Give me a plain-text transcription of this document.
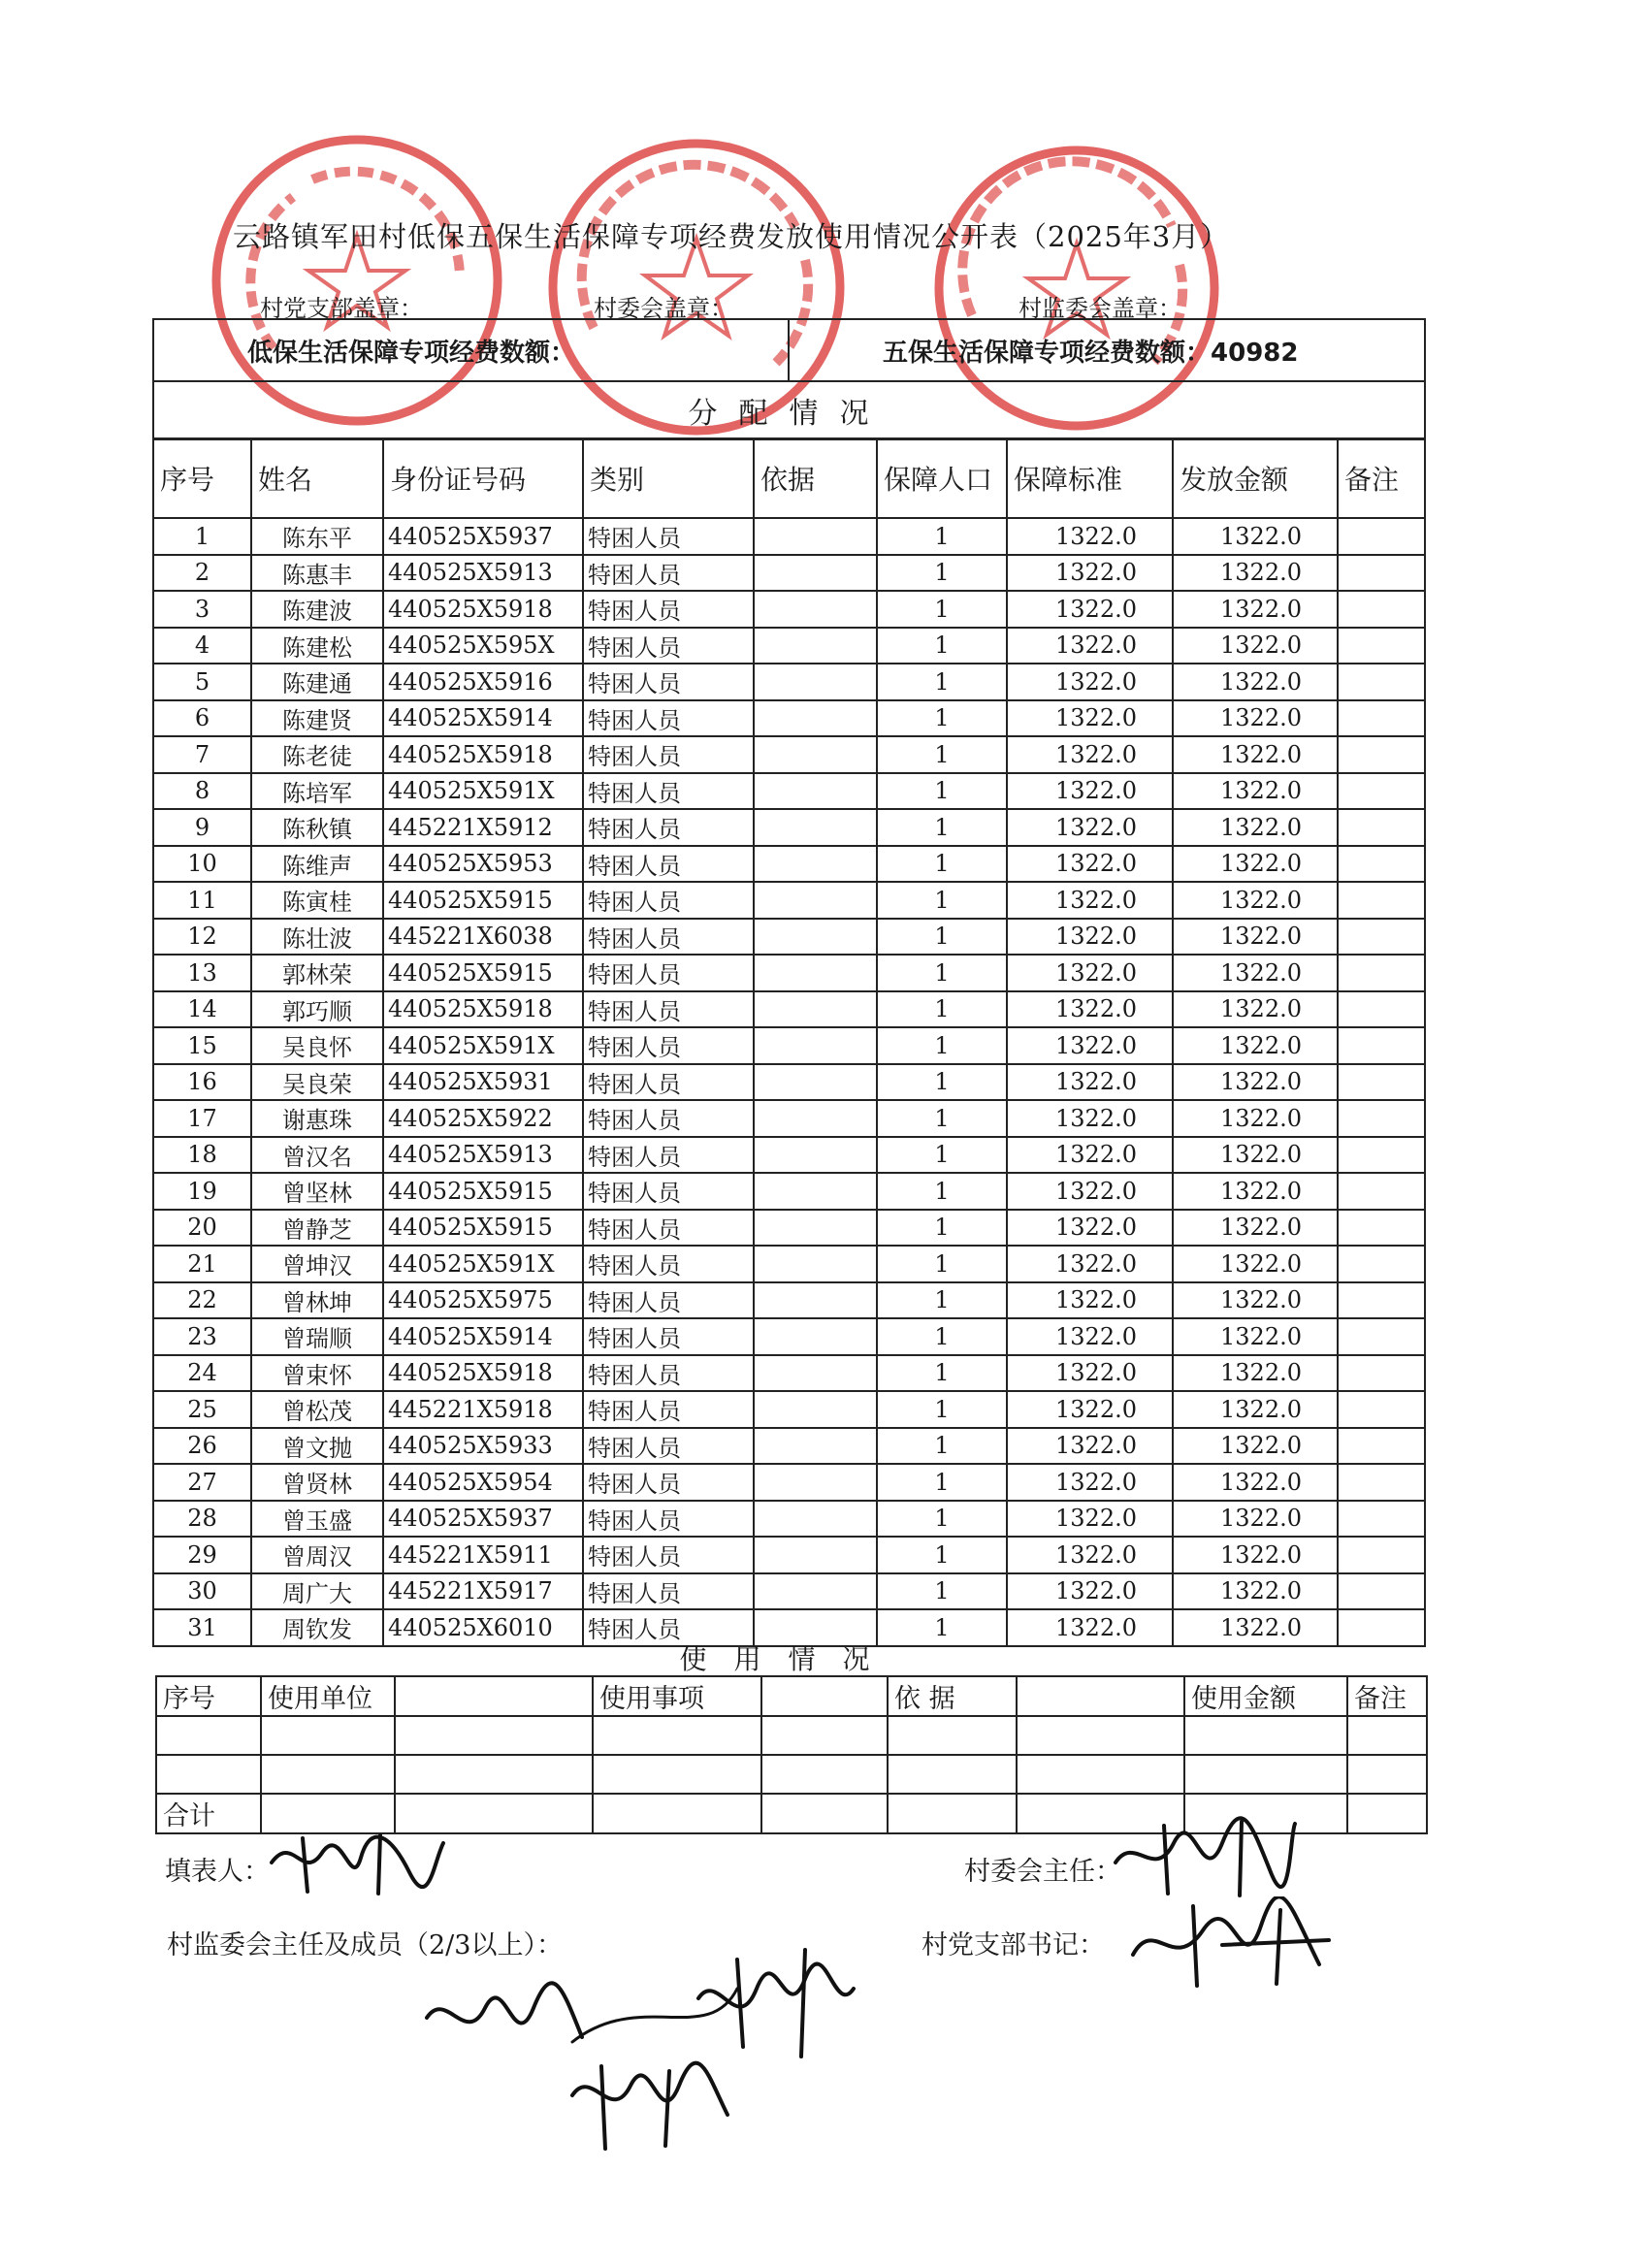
云路镇军田村低保五保生活保障专项经费发放使用情况公开表（2025年3月）
村党支部盖章：	村委会盖章：	村监委会盖章：
低保生活保障专项经费数额：	五保生活保障专项经费数额：40982
分配情况
序号	姓名	身份证号码	类别	依据	保障人口	保障标准	发放金额	备注
1	陈东平	440525X5937	特困人员		1	1322.0	1322.0	
2	陈惠丰	440525X5913	特困人员		1	1322.0	1322.0	
3	陈建波	440525X5918	特困人员		1	1322.0	1322.0	
4	陈建松	440525X595X	特困人员		1	1322.0	1322.0	
5	陈建通	440525X5916	特困人员		1	1322.0	1322.0	
6	陈建贤	440525X5914	特困人员		1	1322.0	1322.0	
7	陈老徒	440525X5918	特困人员		1	1322.0	1322.0	
8	陈培军	440525X591X	特困人员		1	1322.0	1322.0	
9	陈秋镇	445221X5912	特困人员		1	1322.0	1322.0	
10	陈维声	440525X5953	特困人员		1	1322.0	1322.0	
11	陈寅桂	440525X5915	特困人员		1	1322.0	1322.0	
12	陈壮波	445221X6038	特困人员		1	1322.0	1322.0	
13	郭林荣	440525X5915	特困人员		1	1322.0	1322.0	
14	郭巧顺	440525X5918	特困人员		1	1322.0	1322.0	
15	吴良怀	440525X591X	特困人员		1	1322.0	1322.0	
16	吴良荣	440525X5931	特困人员		1	1322.0	1322.0	
17	谢惠珠	440525X5922	特困人员		1	1322.0	1322.0	
18	曾汉名	440525X5913	特困人员		1	1322.0	1322.0	
19	曾坚林	440525X5915	特困人员		1	1322.0	1322.0	
20	曾静芝	440525X5915	特困人员		1	1322.0	1322.0	
21	曾坤汉	440525X591X	特困人员		1	1322.0	1322.0	
22	曾林坤	440525X5975	特困人员		1	1322.0	1322.0	
23	曾瑞顺	440525X5914	特困人员		1	1322.0	1322.0	
24	曾束怀	440525X5918	特困人员		1	1322.0	1322.0	
25	曾松茂	445221X5918	特困人员		1	1322.0	1322.0	
26	曾文抛	440525X5933	特困人员		1	1322.0	1322.0	
27	曾贤林	440525X5954	特困人员		1	1322.0	1322.0	
28	曾玉盛	440525X5937	特困人员		1	1322.0	1322.0	
29	曾周汉	445221X5911	特困人员		1	1322.0	1322.0	
30	周广大	445221X5917	特困人员		1	1322.0	1322.0	
31	周钦发	440525X6010	特困人员		1	1322.0	1322.0	
使用情况
序号	使用单位		使用事项		依 据		使用金额	备注

合计								
填表人：	村委会主任：
村监委会主任及成员（2/3以上）：	村党支部书记：
